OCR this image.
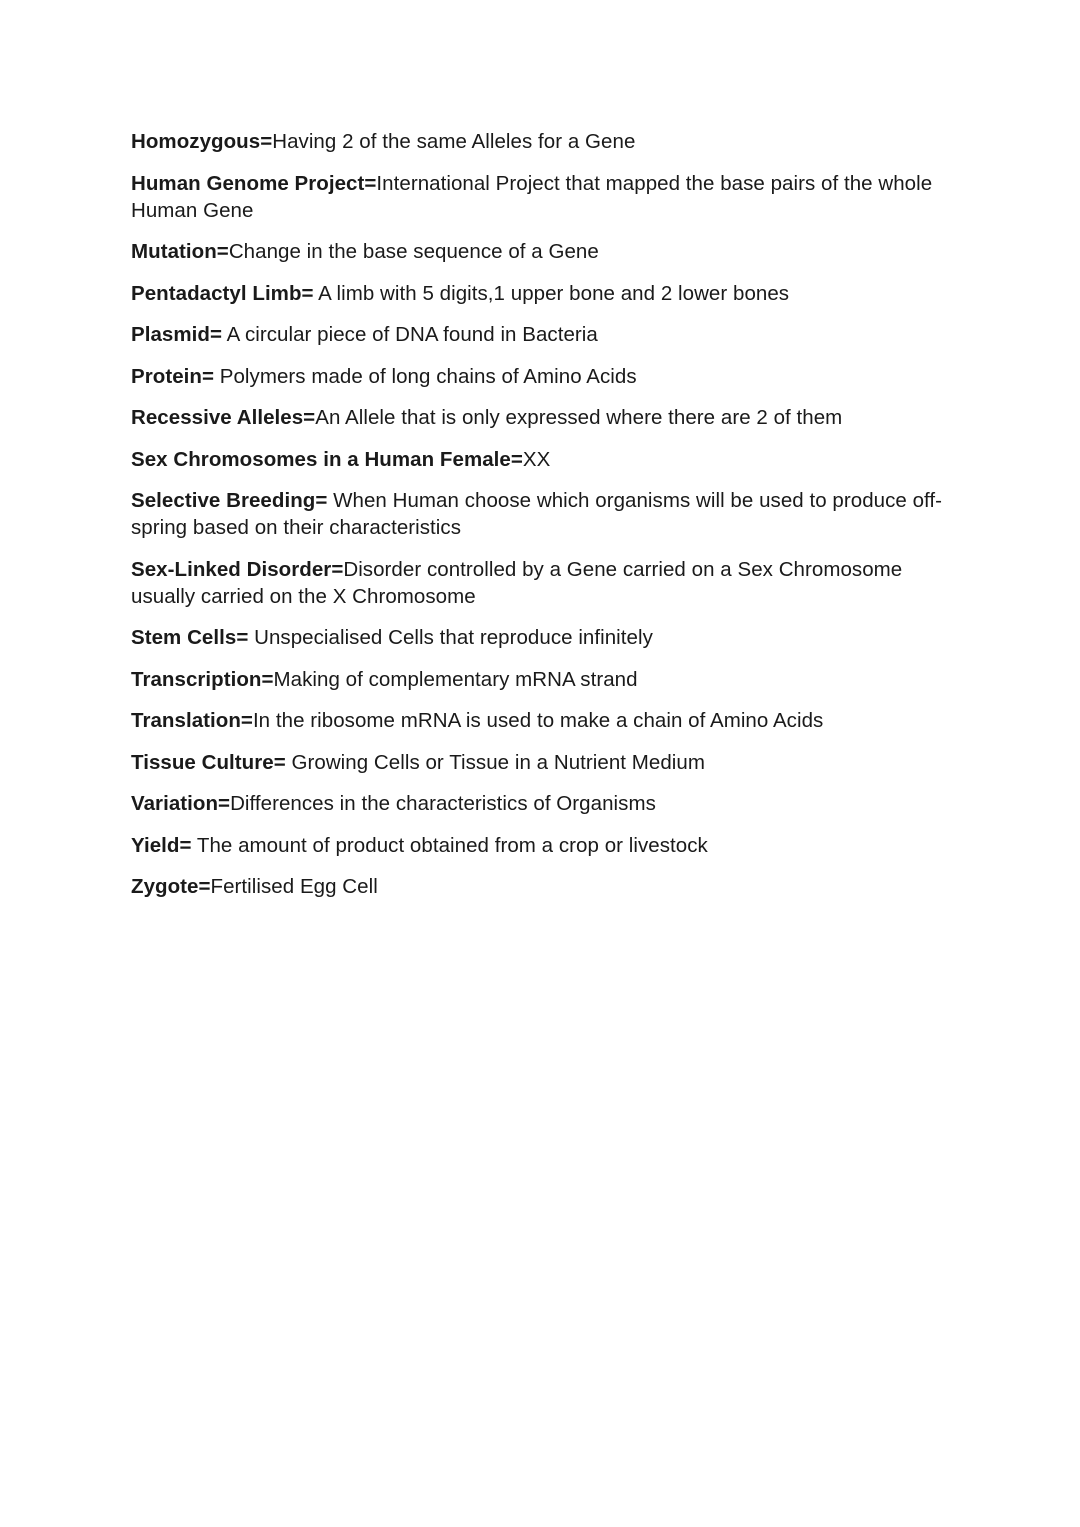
Homozygous=Having 2 of the same Alleles for a Gene

Human Genome Project=International Project that mapped the base pairs of the whole Human Gene

Mutation=Change in the base sequence of a Gene

Pentadactyl Limb= A limb with 5 digits,1 upper bone and 2 lower bones

Plasmid= A circular piece of DNA found in Bacteria

Protein= Polymers made of long chains of Amino Acids

Recessive Alleles=An Allele that is only expressed where there are 2 of them

Sex Chromosomes in a Human Female=XX

Selective Breeding= When Human choose which organisms will be used to produce off-spring based on their characteristics

Sex-Linked Disorder=Disorder controlled by a Gene carried on a Sex Chromosome usually carried on the X Chromosome

Stem Cells= Unspecialised Cells that reproduce infinitely

Transcription=Making of complementary mRNA strand

Translation=In the ribosome mRNA is used to make a chain of Amino Acids

Tissue Culture= Growing Cells or Tissue in a Nutrient Medium

Variation=Differences in the characteristics of Organisms

Yield= The amount of product obtained from a crop or livestock

Zygote=Fertilised Egg Cell
